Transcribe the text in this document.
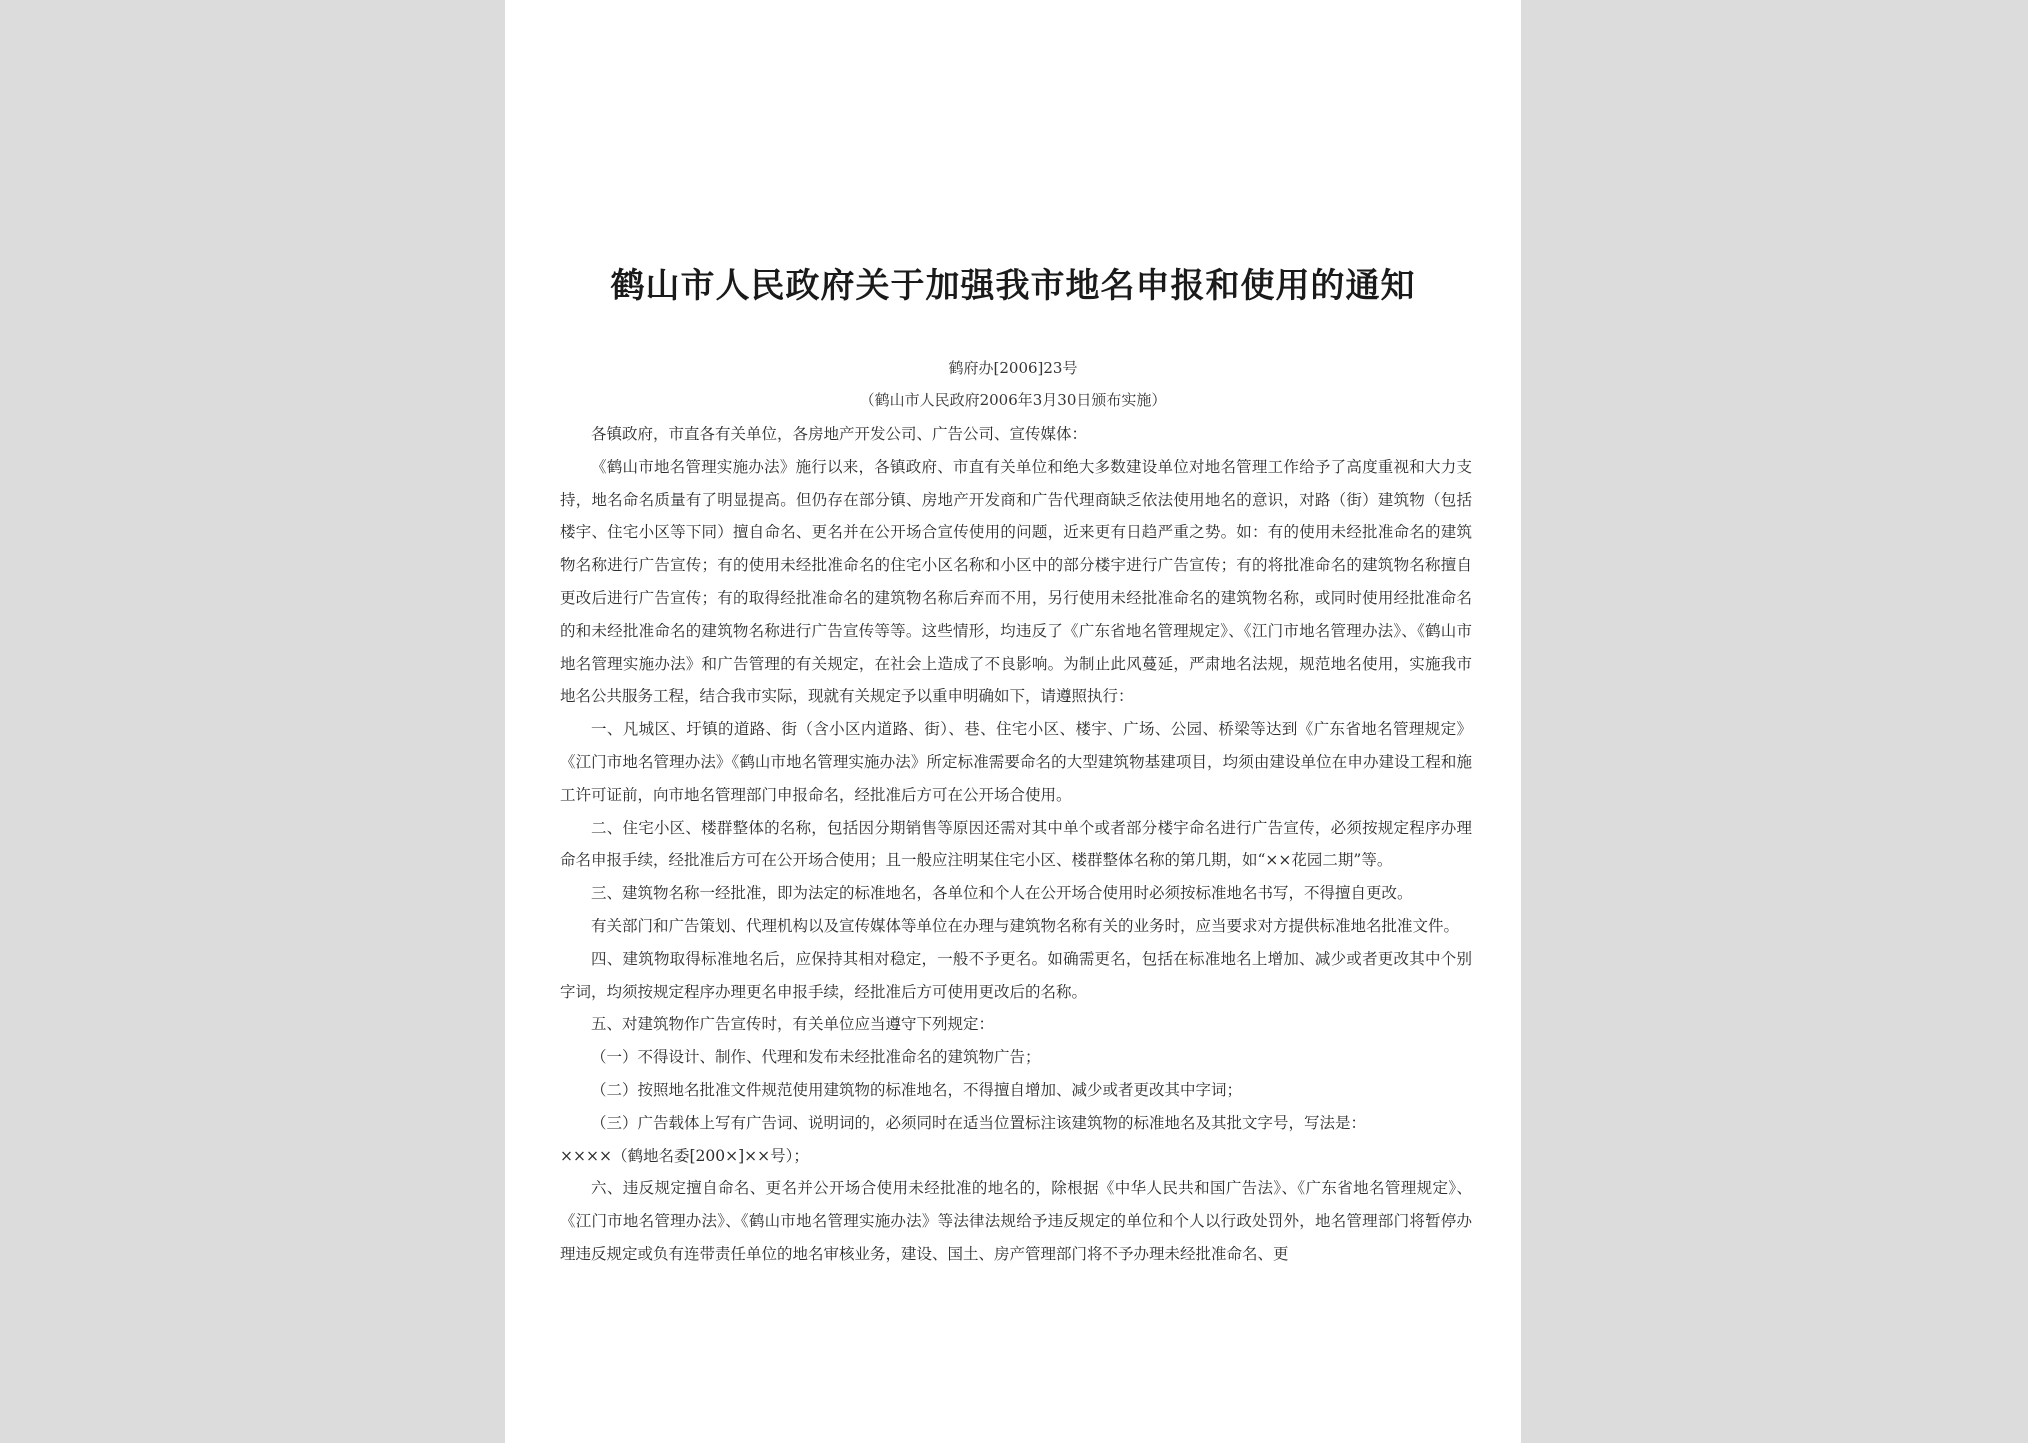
鹤山市人民政府关于加强我市地名申报和使用的通知
鹤府办[2006]23号
（鹤山市人民政府2006年3月30日颁布实施）

各镇政府，市直各有关单位，各房地产开发公司、广告公司、宣传媒体：

《鹤山市地名管理实施办法》施行以来，各镇政府、市直有关单位和绝大多数建设单位对地名管理工作给予了高度重视和大力支持，地名命名质量有了明显提高。但仍存在部分镇、房地产开发商和广告代理商缺乏依法使用地名的意识，对路（街）建筑物（包括楼宇、住宅小区等下同）擅自命名、更名并在公开场合宣传使用的问题，近来更有日趋严重之势。如：有的使用未经批准命名的建筑物名称进行广告宣传；有的使用未经批准命名的住宅小区名称和小区中的部分楼宇进行广告宣传；有的将批准命名的建筑物名称擅自更改后进行广告宣传；有的取得经批准命名的建筑物名称后弃而不用，另行使用未经批准命名的建筑物名称，或同时使用经批准命名的和未经批准命名的建筑物名称进行广告宣传等等。这些情形，均违反了《广东省地名管理规定》、《江门市地名管理办法》、《鹤山市地名管理实施办法》和广告管理的有关规定，在社会上造成了不良影响。为制止此风蔓延，严肃地名法规，规范地名使用，实施我市地名公共服务工程，结合我市实际，现就有关规定予以重申明确如下，请遵照执行：

一、凡城区、圩镇的道路、街（含小区内道路、街）、巷、住宅小区、楼宇、广场、公园、桥梁等达到《广东省地名管理规定》《江门市地名管理办法》《鹤山市地名管理实施办法》所定标准需要命名的大型建筑物基建项目，均须由建设单位在申办建设工程和施工许可证前，向市地名管理部门申报命名，经批准后方可在公开场合使用。

二、住宅小区、楼群整体的名称，包括因分期销售等原因还需对其中单个或者部分楼宇命名进行广告宣传，必须按规定程序办理命名申报手续，经批准后方可在公开场合使用；且一般应注明某住宅小区、楼群整体名称的第几期，如“××花园二期”等。

三、建筑物名称一经批准，即为法定的标准地名，各单位和个人在公开场合使用时必须按标准地名书写，不得擅自更改。

有关部门和广告策划、代理机构以及宣传媒体等单位在办理与建筑物名称有关的业务时，应当要求对方提供标准地名批准文件。

四、建筑物取得标准地名后，应保持其相对稳定，一般不予更名。如确需更名，包括在标准地名上增加、减少或者更改其中个别字词，均须按规定程序办理更名申报手续，经批准后方可使用更改后的名称。

五、对建筑物作广告宣传时，有关单位应当遵守下列规定：

（一）不得设计、制作、代理和发布未经批准命名的建筑物广告；

（二）按照地名批准文件规范使用建筑物的标准地名，不得擅自增加、减少或者更改其中字词；

（三）广告载体上写有广告词、说明词的，必须同时在适当位置标注该建筑物的标准地名及其批文字号，写法是：

××××（鹤地名委[200×]××号）；

六、违反规定擅自命名、更名并公开场合使用未经批准的地名的，除根据《中华人民共和国广告法》、《广东省地名管理规定》、《江门市地名管理办法》、《鹤山市地名管理实施办法》等法律法规给予违反规定的单位和个人以行政处罚外，地名管理部门将暂停办理违反规定或负有连带责任单位的地名审核业务，建设、国土、房产管理部门将不予办理未经批准命名、更
